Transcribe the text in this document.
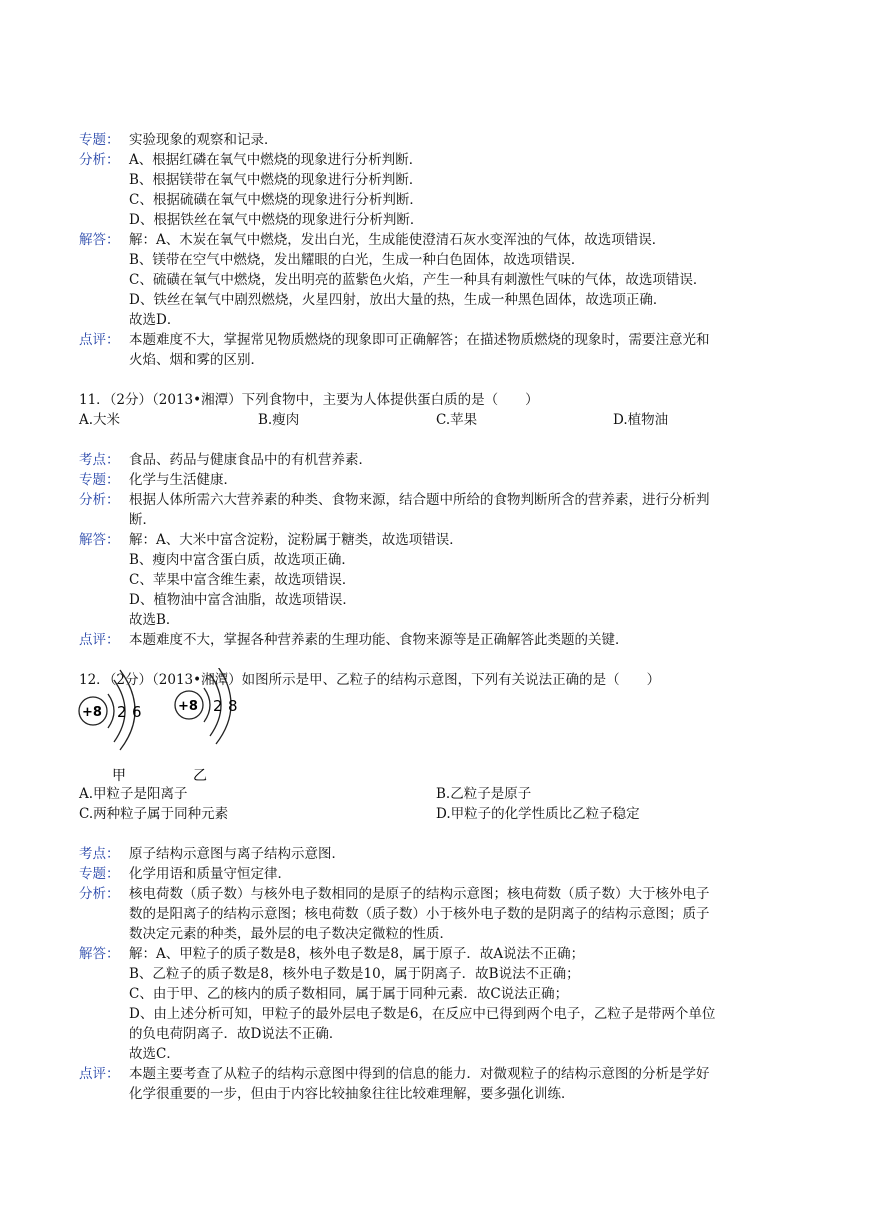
专题： 实验现象的观察和记录．
分析： A、根据红磷在氧气中燃烧的现象进行分析判断．
B、根据镁带在氧气中燃烧的现象进行分析判断．
C、根据硫磺在氧气中燃烧的现象进行分析判断．
D、根据铁丝在氧气中燃烧的现象进行分析判断．
解答： 解：A、木炭在氧气中燃烧，发出白光，生成能使澄清石灰水变浑浊的气体，故选项错误．
B、镁带在空气中燃烧，发出耀眼的白光，生成一种白色固体，故选项错误．
C、硫磺在氧气中燃烧，发出明亮的蓝紫色火焰，产生一种具有刺激性气味的气体，故选项错误．
D、铁丝在氧气中剧烈燃烧，火星四射，放出大量的热，生成一种黑色固体，故选项正确．
故选D．
点评： 本题难度不大，掌握常见物质燃烧的现象即可正确解答；在描述物质燃烧的现象时，需要注意光和
火焰、烟和雾的区别．
11．（2分）（2013•湘潭）下列食物中，主要为人体提供蛋白质的是（　　）
A.大米	B.瘦肉	C.苹果	D.植物油
考点： 食品、药品与健康食品中的有机营养素．
专题： 化学与生活健康．
分析： 根据人体所需六大营养素的种类、食物来源，结合题中所给的食物判断所含的营养素，进行分析判
断．
解答： 解：A、大米中富含淀粉，淀粉属于糖类，故选项错误．
B、瘦肉中富含蛋白质，故选项正确．
C、苹果中富含维生素，故选项错误．
D、植物油中富含油脂，故选项错误．
故选B．
点评： 本题难度不大，掌握各种营养素的生理功能、食物来源等是正确解答此类题的关键．
12．（2分）（2013•湘潭）如图所示是甲、乙粒子的结构示意图，下列有关说法正确的是（　　）
+8 2 6
甲
+8 2 8
乙
A.甲粒子是阳离子	B.乙粒子是原子
C.两种粒子属于同种元素	D.甲粒子的化学性质比乙粒子稳定
考点： 原子结构示意图与离子结构示意图．
专题： 化学用语和质量守恒定律．
分析： 核电荷数（质子数）与核外电子数相同的是原子的结构示意图；核电荷数（质子数）大于核外电子
数的是阳离子的结构示意图；核电荷数（质子数）小于核外电子数的是阴离子的结构示意图；质子
数决定元素的种类，最外层的电子数决定微粒的性质．
解答： 解：A、甲粒子的质子数是8，核外电子数是8，属于原子．故A说法不正确；
B、乙粒子的质子数是8，核外电子数是10，属于阴离子．故B说法不正确；
C、由于甲、乙的核内的质子数相同，属于属于同种元素．故C说法正确；
D、由上述分析可知，甲粒子的最外层电子数是6，在反应中已得到两个电子，乙粒子是带两个单位
的负电荷阴离子．故D说法不正确．
故选C．
点评： 本题主要考查了从粒子的结构示意图中得到的信息的能力．对微观粒子的结构示意图的分析是学好
化学很重要的一步，但由于内容比较抽象往往比较难理解，要多强化训练．
